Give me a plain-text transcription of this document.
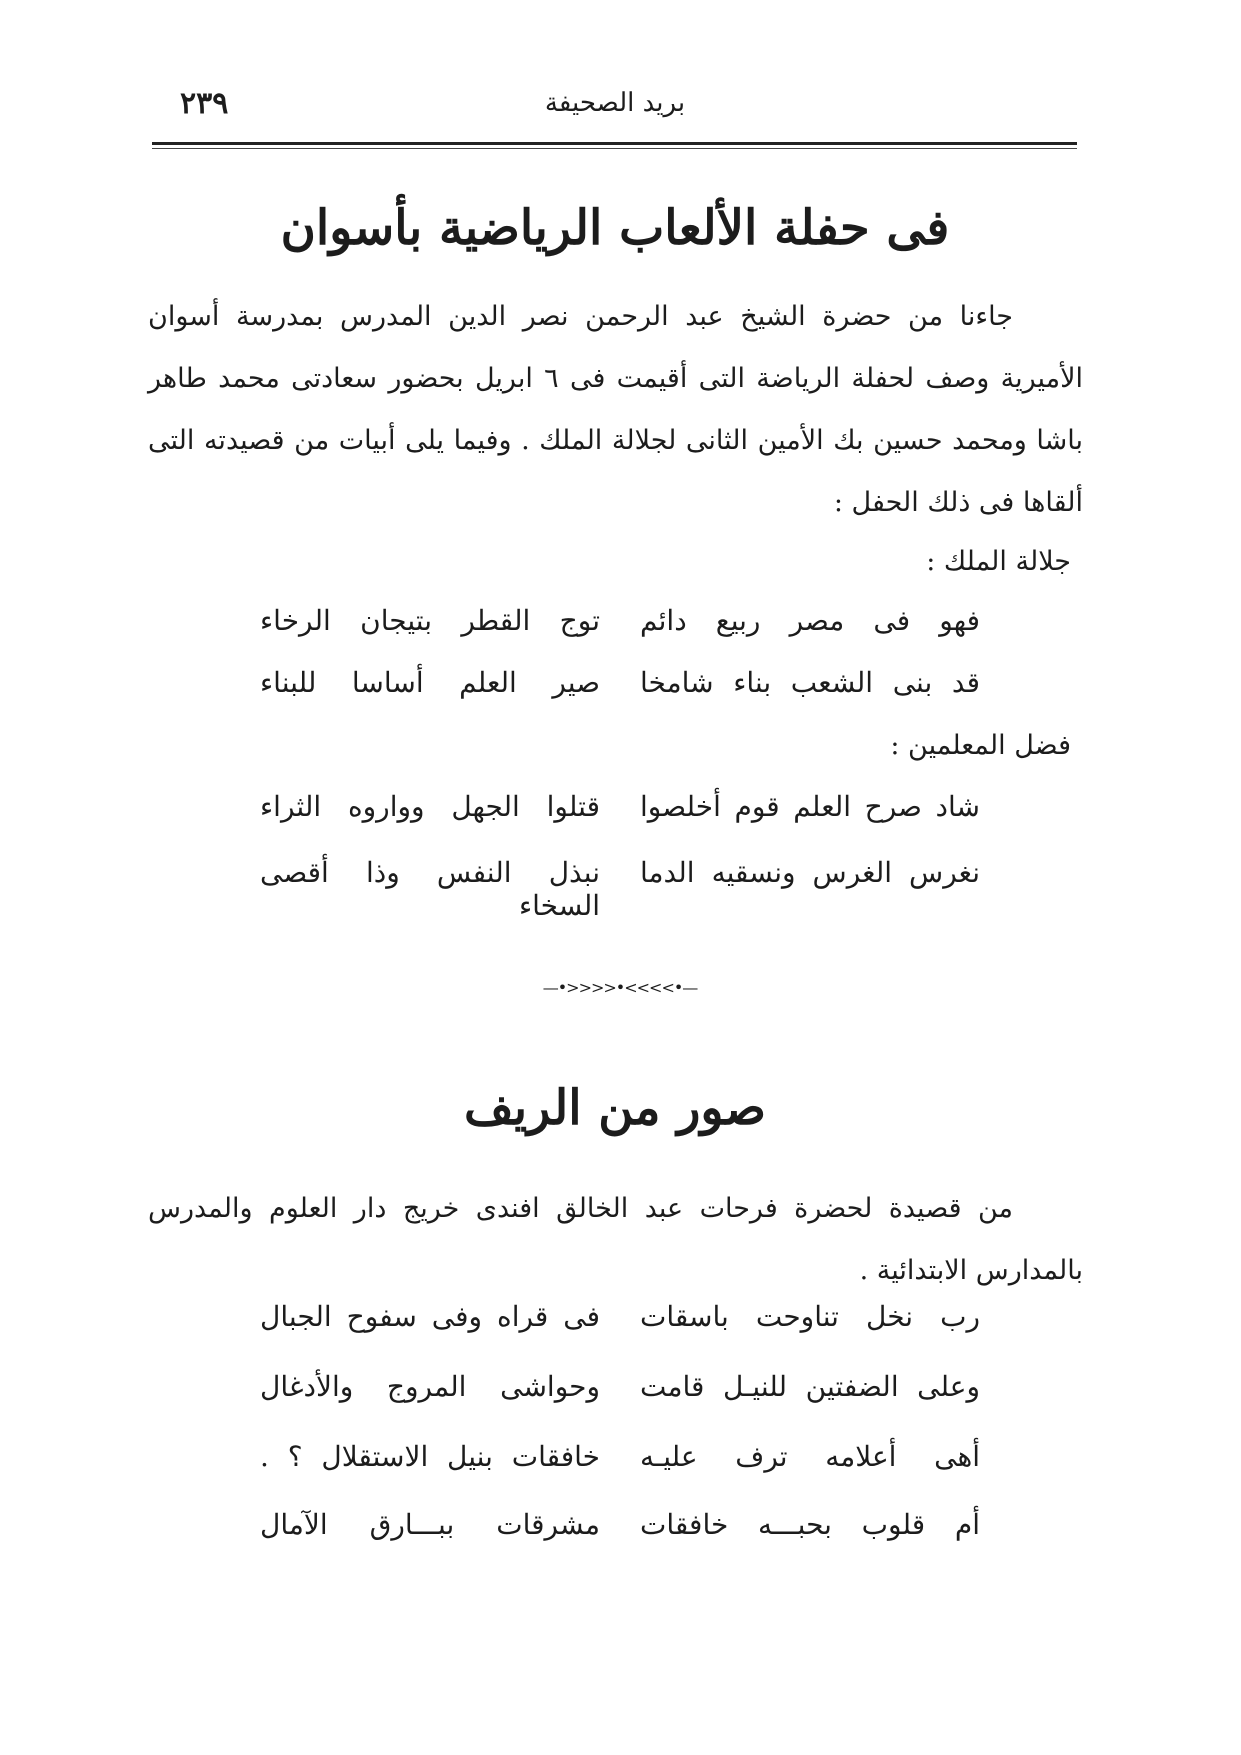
٢٣٩	بريد الصحيفة
فى حفلة الألعاب الرياضية بأسوان
جاءنا من حضرة الشيخ عبد الرحمن نصر الدين المدرس بمدرسة أسوان الأميرية وصف لحفلة الرياضة التى أقيمت فى ٦ ابريل بحضور سعادتى محمد طاهر باشا ومحمد حسين بك الأمين الثانى لجلالة الملك . وفيما يلى أبيات من قصيدته التى ألقاها فى ذلك الحفل :
جلالة الملك :
فهو فى مصر ربيع دائم
توج القطر بتيجان الرخاء
قد بنى الشعب بناء شامخا
صير العلم أساسا للبناء
فضل المعلمين :
شاد صرح العلم قوم أخلصوا
قتلوا الجهل وواروه الثراء
نغرس الغرس ونسقيه الدما
نبذل النفس وذا أقصى السخاء
—•>>>>•<<<<•—
صور من الريف
من قصيدة لحضرة فرحات عبد الخالق افندى خريج دار العلوم والمدرس بالمدارس الابتدائية .
رب نخل تناوحت باسقات
فى قراه وفى سفوح الجبال
وعلى الضفتين للنيـل قامت
وحواشى المروج والأدغال
أهى أعلامه ترف عليـه
خافقات بنيل الاستقلال ؟ .
أم قلوب بحبـــه خافقات
مشرقات ببـــارق الآمال
